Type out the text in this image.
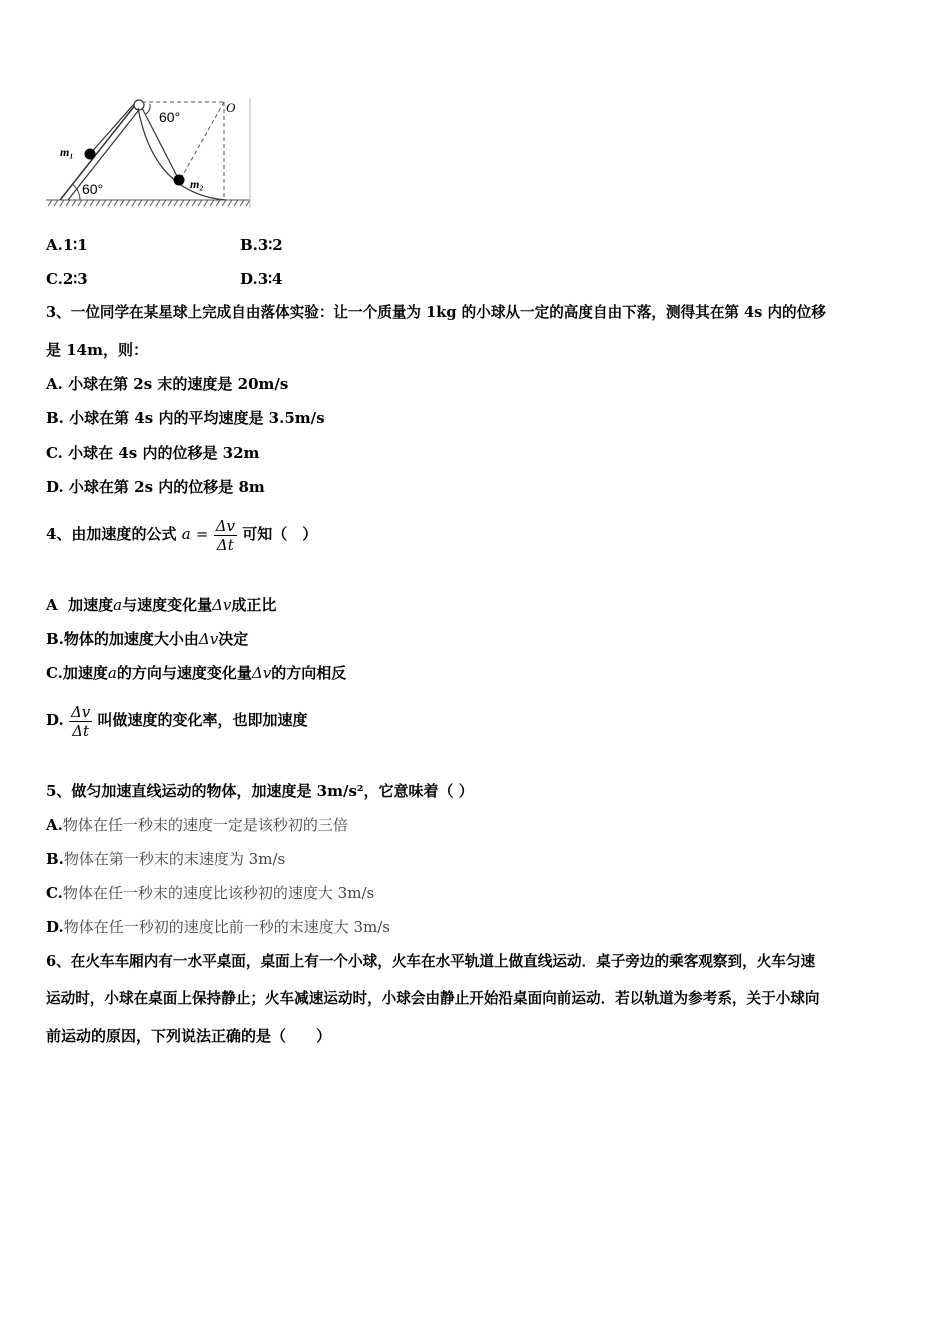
60°
60°
O
m₁
m₂
A.1∶1	B.3∶2
C.2∶3	D.3∶4
3、一位同学在某星球上完成自由落体实验：让一个质量为 1kg 的小球从一定的高度自由下落，测得其在第 4s 内的位移
是 14m，则：
A. 小球在第 2s 末的速度是 20m/s
B. 小球在第 4s 内的平均速度是 3.5m/s
C. 小球在 4s 内的位移是 32m
D. 小球在第 2s 内的位移是 8m
4、由加速度的公式 $a = \frac{\Delta v}{\Delta t}$ 可知（　）
A 加速度a与速度变化量Δv成正比
B.物体的加速度大小由Δv决定
C.加速度a的方向与速度变化量Δv的方向相反
D. $\frac{\Delta v}{\Delta t}$ 叫做速度的变化率，也即加速度
5、做匀加速直线运动的物体，加速度是 3m/s²，它意味着（ ）
A.物体在任一秒末的速度一定是该秒初的三倍
B.物体在第一秒末的末速度为 3m/s
C.物体在任一秒末的速度比该秒初的速度大 3m/s
D.物体在任一秒初的速度比前一秒的末速度大 3m/s
6、在火车车厢内有一水平桌面，桌面上有一个小球，火车在水平轨道上做直线运动．桌子旁边的乘客观察到，火车匀速
运动时，小球在桌面上保持静止；火车减速运动时，小球会由静止开始沿桌面向前运动．若以轨道为参考系，关于小球向
前运动的原因，下列说法正确的是（　　）
